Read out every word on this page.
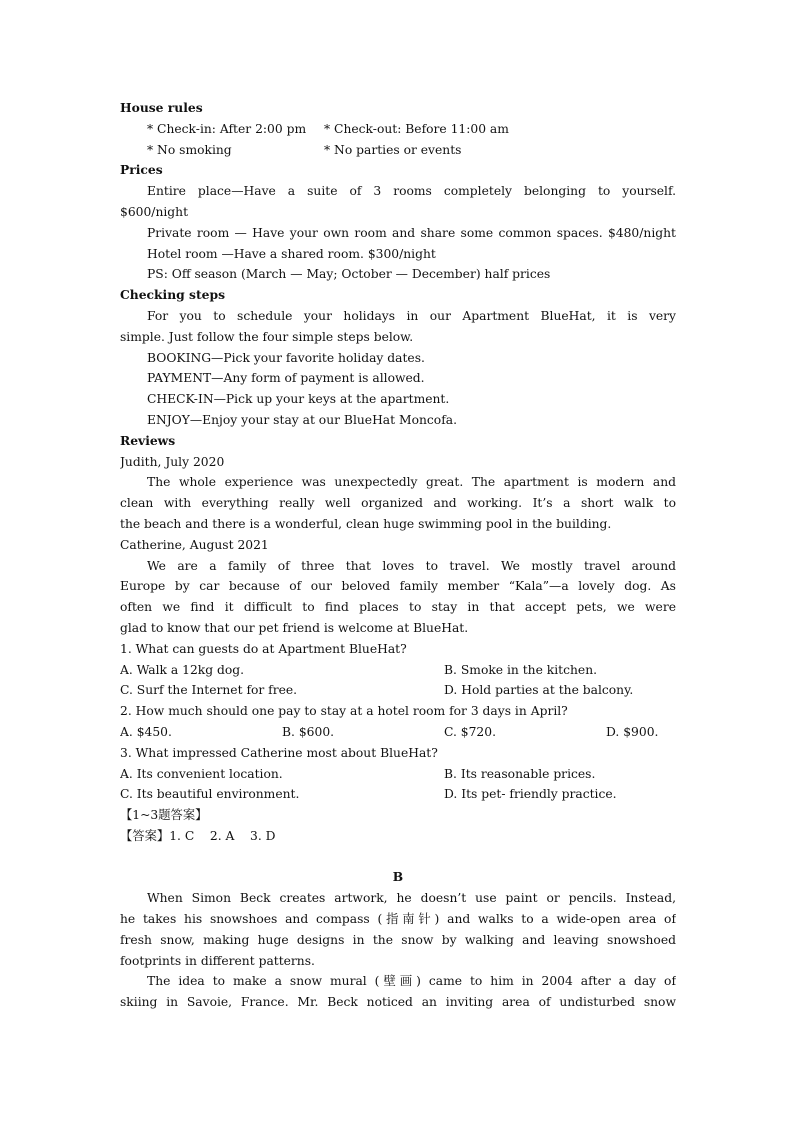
House rules
* Check-in: After 2:00 pm	* Check-out: Before 11:00 am
* No smoking	* No parties or events
Prices
Entire place—Have a suite of 3 rooms completely belonging to yourself.
$600/night
Private room — Have your own room and share some common spaces. $480/night
Hotel room —Have a shared room. $300/night
PS: Off season (March — May; October — December) half prices
Checking steps
For you to schedule your holidays in our Apartment BlueHat, it is very
simple. Just follow the four simple steps below.
BOOKING—Pick your favorite holiday dates.
PAYMENT—Any form of payment is allowed.
CHECK-IN—Pick up your keys at the apartment.
ENJOY—Enjoy your stay at our BlueHat Moncofa.
Reviews
Judith, July 2020
The whole experience was unexpectedly great. The apartment is modern and
clean with everything really well organized and working. It’s a short walk to
the beach and there is a wonderful, clean huge swimming pool in the building.
Catherine, August 2021
We are a family of three that loves to travel. We mostly travel around
Europe by car because of our beloved family member “Kala”—a lovely dog. As
often we find it difficult to find places to stay in that accept pets, we were
glad to know that our pet friend is welcome at BlueHat.
1. What can guests do at Apartment BlueHat?
A. Walk a 12kg dog.	B. Smoke in the kitchen.
C. Surf the Internet for free.	D. Hold parties at the balcony.
2. How much should one pay to stay at a hotel room for 3 days in April?
A. $450.	B. $600.	C. $720.	D. $900.
3. What impressed Catherine most about BlueHat?
A. Its convenient location.	B. Its reasonable prices.
C. Its beautiful environment.	D. Its pet- friendly practice.
【1~3题答案】
【答案】1. C    2. A    3. D
B
When Simon Beck creates artwork, he doesn’t use paint or pencils. Instead,
he takes his snowshoes and compass (指南针) and walks to a wide-open area of
fresh snow, making huge designs in the snow by walking and leaving snowshoed
footprints in different patterns.
The idea to make a snow mural (壁画) came to him in 2004 after a day of
skiing in Savoie, France. Mr. Beck noticed an inviting area of undisturbed snow
